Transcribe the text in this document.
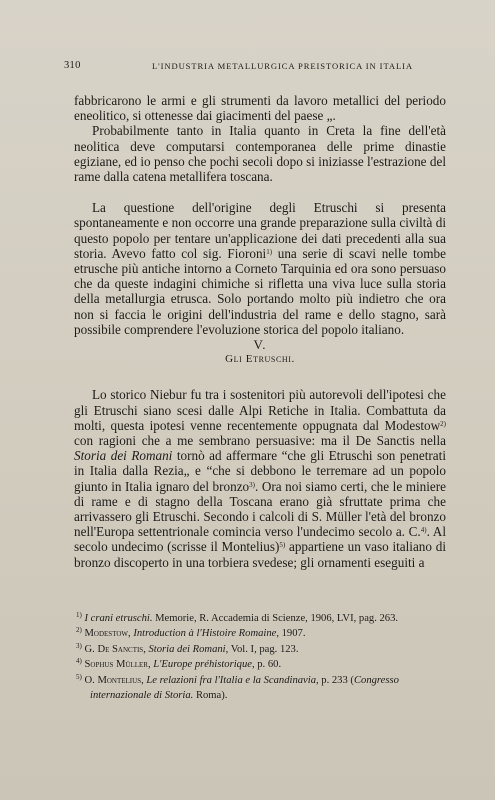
310	L'INDUSTRIA METALLURGICA PREISTORICA IN ITALIA

fabbricarono le armi e gli strumenti da lavoro metallici del periodo eneolitico, si ottenesse dai giacimenti del paese „.

Probabilmente tanto in Italia quanto in Creta la fine dell'età neolitica deve computarsi contemporanea delle prime dinastie egiziane, ed io penso che pochi secoli dopo si iniziasse l'estrazione del rame dalla catena metallifera toscana.

La questione dell'origine degli Etruschi si presenta spontaneamente e non occorre una grande preparazione sulla civiltà di questo popolo per tentare un'applicazione dei dati precedenti alla sua storia. Avevo fatto col sig. Fioroni$^{1)}$ una serie di scavi nelle tombe etrusche più antiche intorno a Corneto Tarquinia ed ora sono persuaso che da queste indagini chimiche si rifletta una viva luce sulla storia della metallurgia etrusca. Solo portando molto più indietro che ora non si faccia le origini dell'industria del rame e dello stagno, sarà possibile comprendere l'evoluzione storica del popolo italiano.

V.

Gli Etruschi.

Lo storico Niebur fu tra i sostenitori più autorevoli dell'ipotesi che gli Etruschi siano scesi dalle Alpi Retiche in Italia. Combattuta da molti, questa ipotesi venne recentemente oppugnata dal Modestow$^{2)}$ con ragioni che a me sembrano persuasive: ma il De Sanctis nella Storia dei Romani tornò ad affermare “che gli Etruschi son penetrati in Italia dalla Rezia„ e “che si debbono le terremare ad un popolo giunto in Italia ignaro del bronzo$^{3)}$. Ora noi siamo certi, che le miniere di rame e di stagno della Toscana erano già sfruttate prima che arrivassero gli Etruschi. Secondo i calcoli di S. Müller l'età del bronzo nell'Europa settentrionale comincia verso l'undecimo secolo a. C.$^{4)}$. Al secolo undecimo (scrisse il Montelius)$^{5)}$ appartiene un vaso italiano di bronzo discoperto in una torbiera svedese; gli ornamenti eseguiti a

$^{1)}$ I crani etruschi. Memorie, R. Accademia di Scienze, 1906, LVI, pag. 263.

$^{2)}$ Modestow, Introduction à l'Histoire Romaine, 1907.

$^{3)}$ G. De Sanctis, Storia dei Romani, Vol. I, pag. 123.

$^{4)}$ Sophus Müller, L'Europe préhistorique, p. 60.

$^{5)}$ O. Montelius, Le relazioni fra l'Italia e la Scandinavia, p. 233 (Congresso internazionale di Storia. Roma).
